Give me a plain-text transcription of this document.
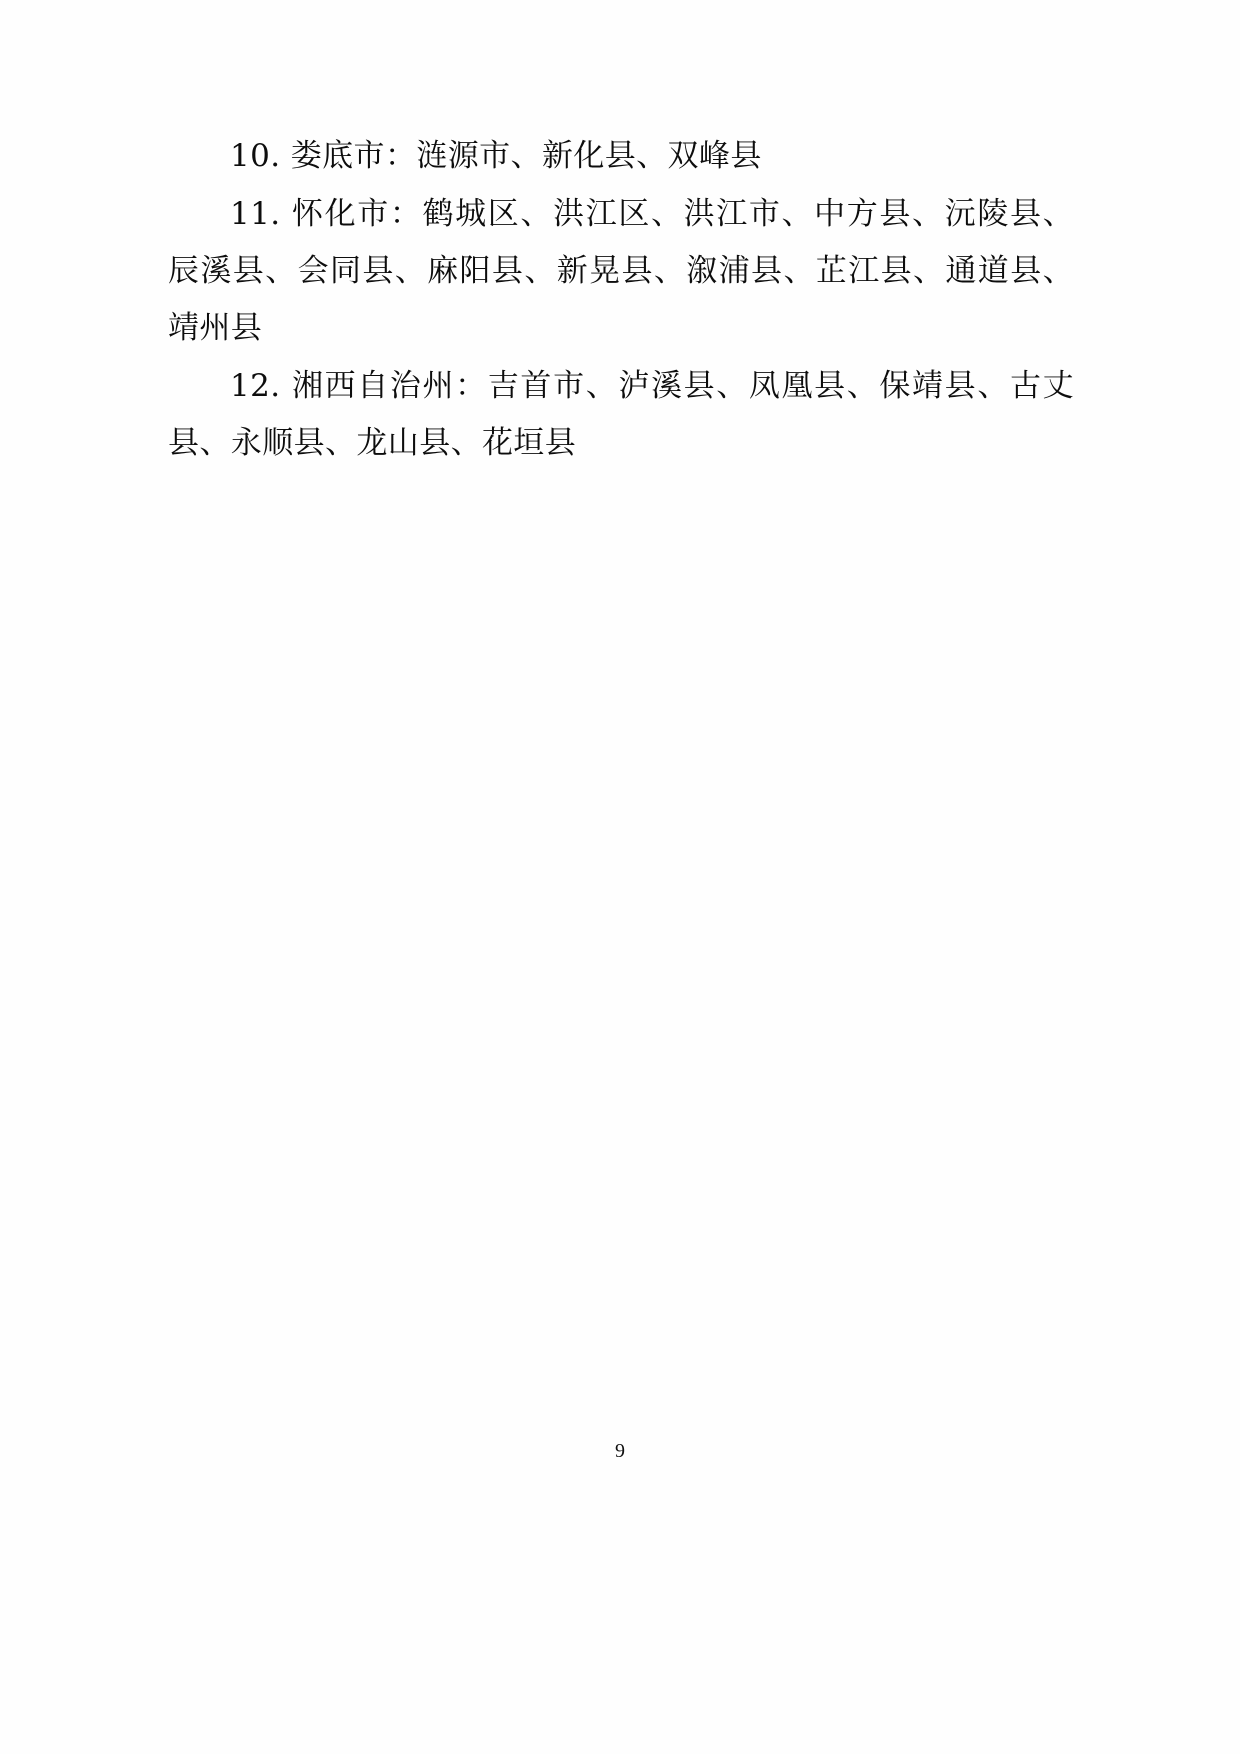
10. 娄底市：涟源市、新化县、双峰县

11. 怀化市：鹤城区、洪江区、洪江市、中方县、沅陵县、辰溪县、会同县、麻阳县、新晃县、溆浦县、芷江县、通道县、靖州县

12. 湘西自治州：吉首市、泸溪县、凤凰县、保靖县、古丈县、永顺县、龙山县、花垣县

9
